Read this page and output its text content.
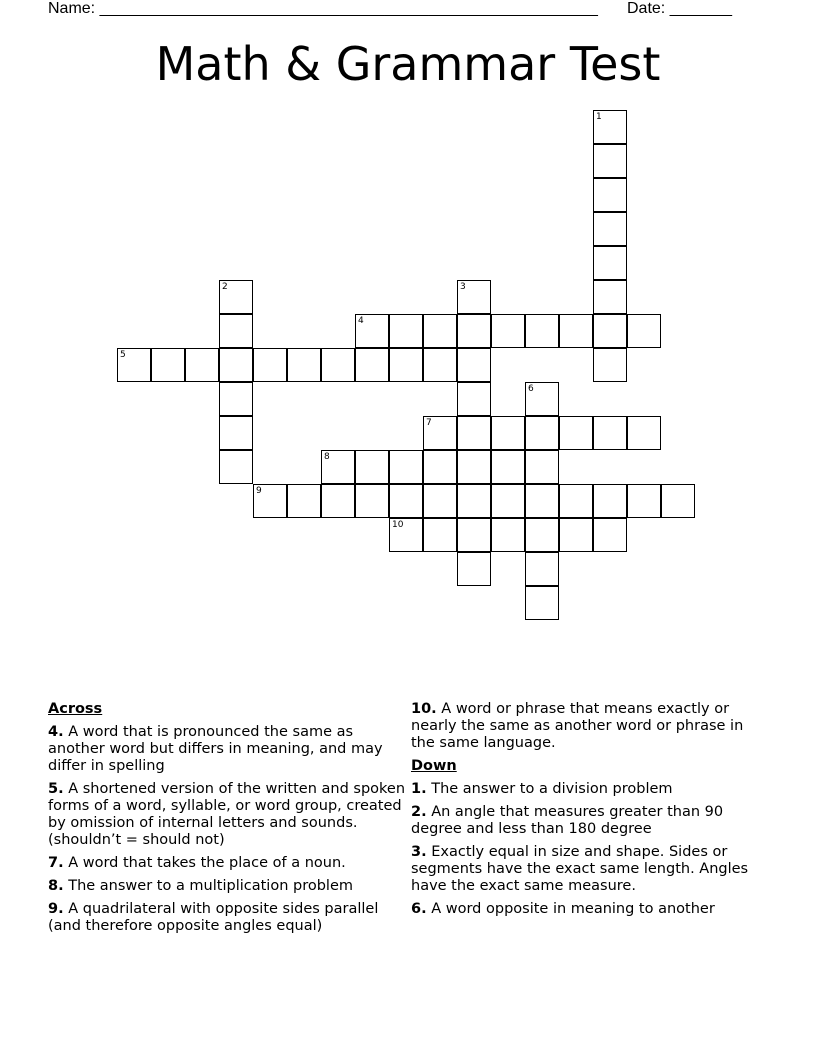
Name: ________________________________________________________ Date: _______
Math & Grammar Test
1
2	3
4
5
6
7
8
9
10
Across
4. A word that is pronounced the same as another word but differs in meaning, and may differ in spelling
5. A shortened version of the written and spoken forms of a word, syllable, or word group, created by omission of internal letters and sounds. (shouldn’t = should not)
7. A word that takes the place of a noun.
8. The answer to a multiplication problem
9. A quadrilateral with opposite sides parallel (and therefore opposite angles equal)
10. A word or phrase that means exactly or nearly the same as another word or phrase in the same language.
Down
1. The answer to a division problem
2. An angle that measures greater than 90 degree and less than 180 degree
3. Exactly equal in size and shape. Sides or segments have the exact same length. Angles have the exact same measure.
6. A word opposite in meaning to another
